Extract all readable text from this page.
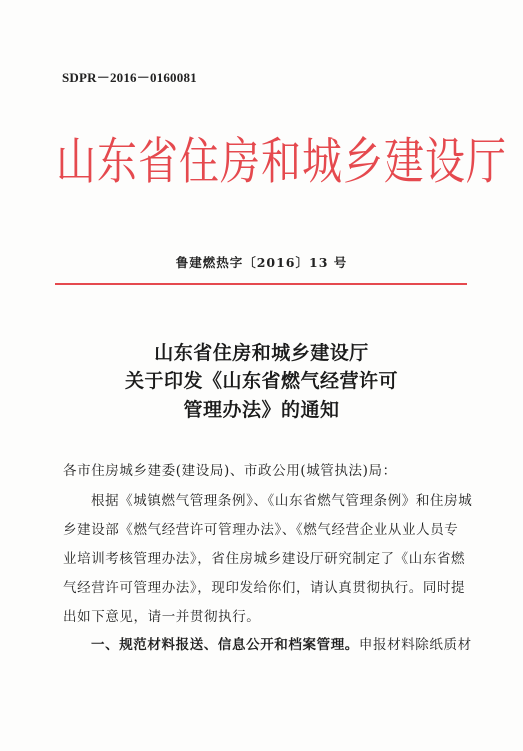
SDPR－2016－0160081
山东省住房和城乡建设厅
鲁建燃热字〔2016〕13 号
山东省住房和城乡建设厅
关于印发《山东省燃气经营许可
管理办法》的通知
各市住房城乡建委(建设局)、市政公用(城管执法)局：
根据《城镇燃气管理条例》、《山东省燃气管理条例》和住房城
乡建设部《燃气经营许可管理办法》、《燃气经营企业从业人员专
业培训考核管理办法》，省住房城乡建设厅研究制定了《山东省燃
气经营许可管理办法》，现印发给你们，请认真贯彻执行。同时提
出如下意见，请一并贯彻执行。
一、规范材料报送、信息公开和档案管理。申报材料除纸质材
